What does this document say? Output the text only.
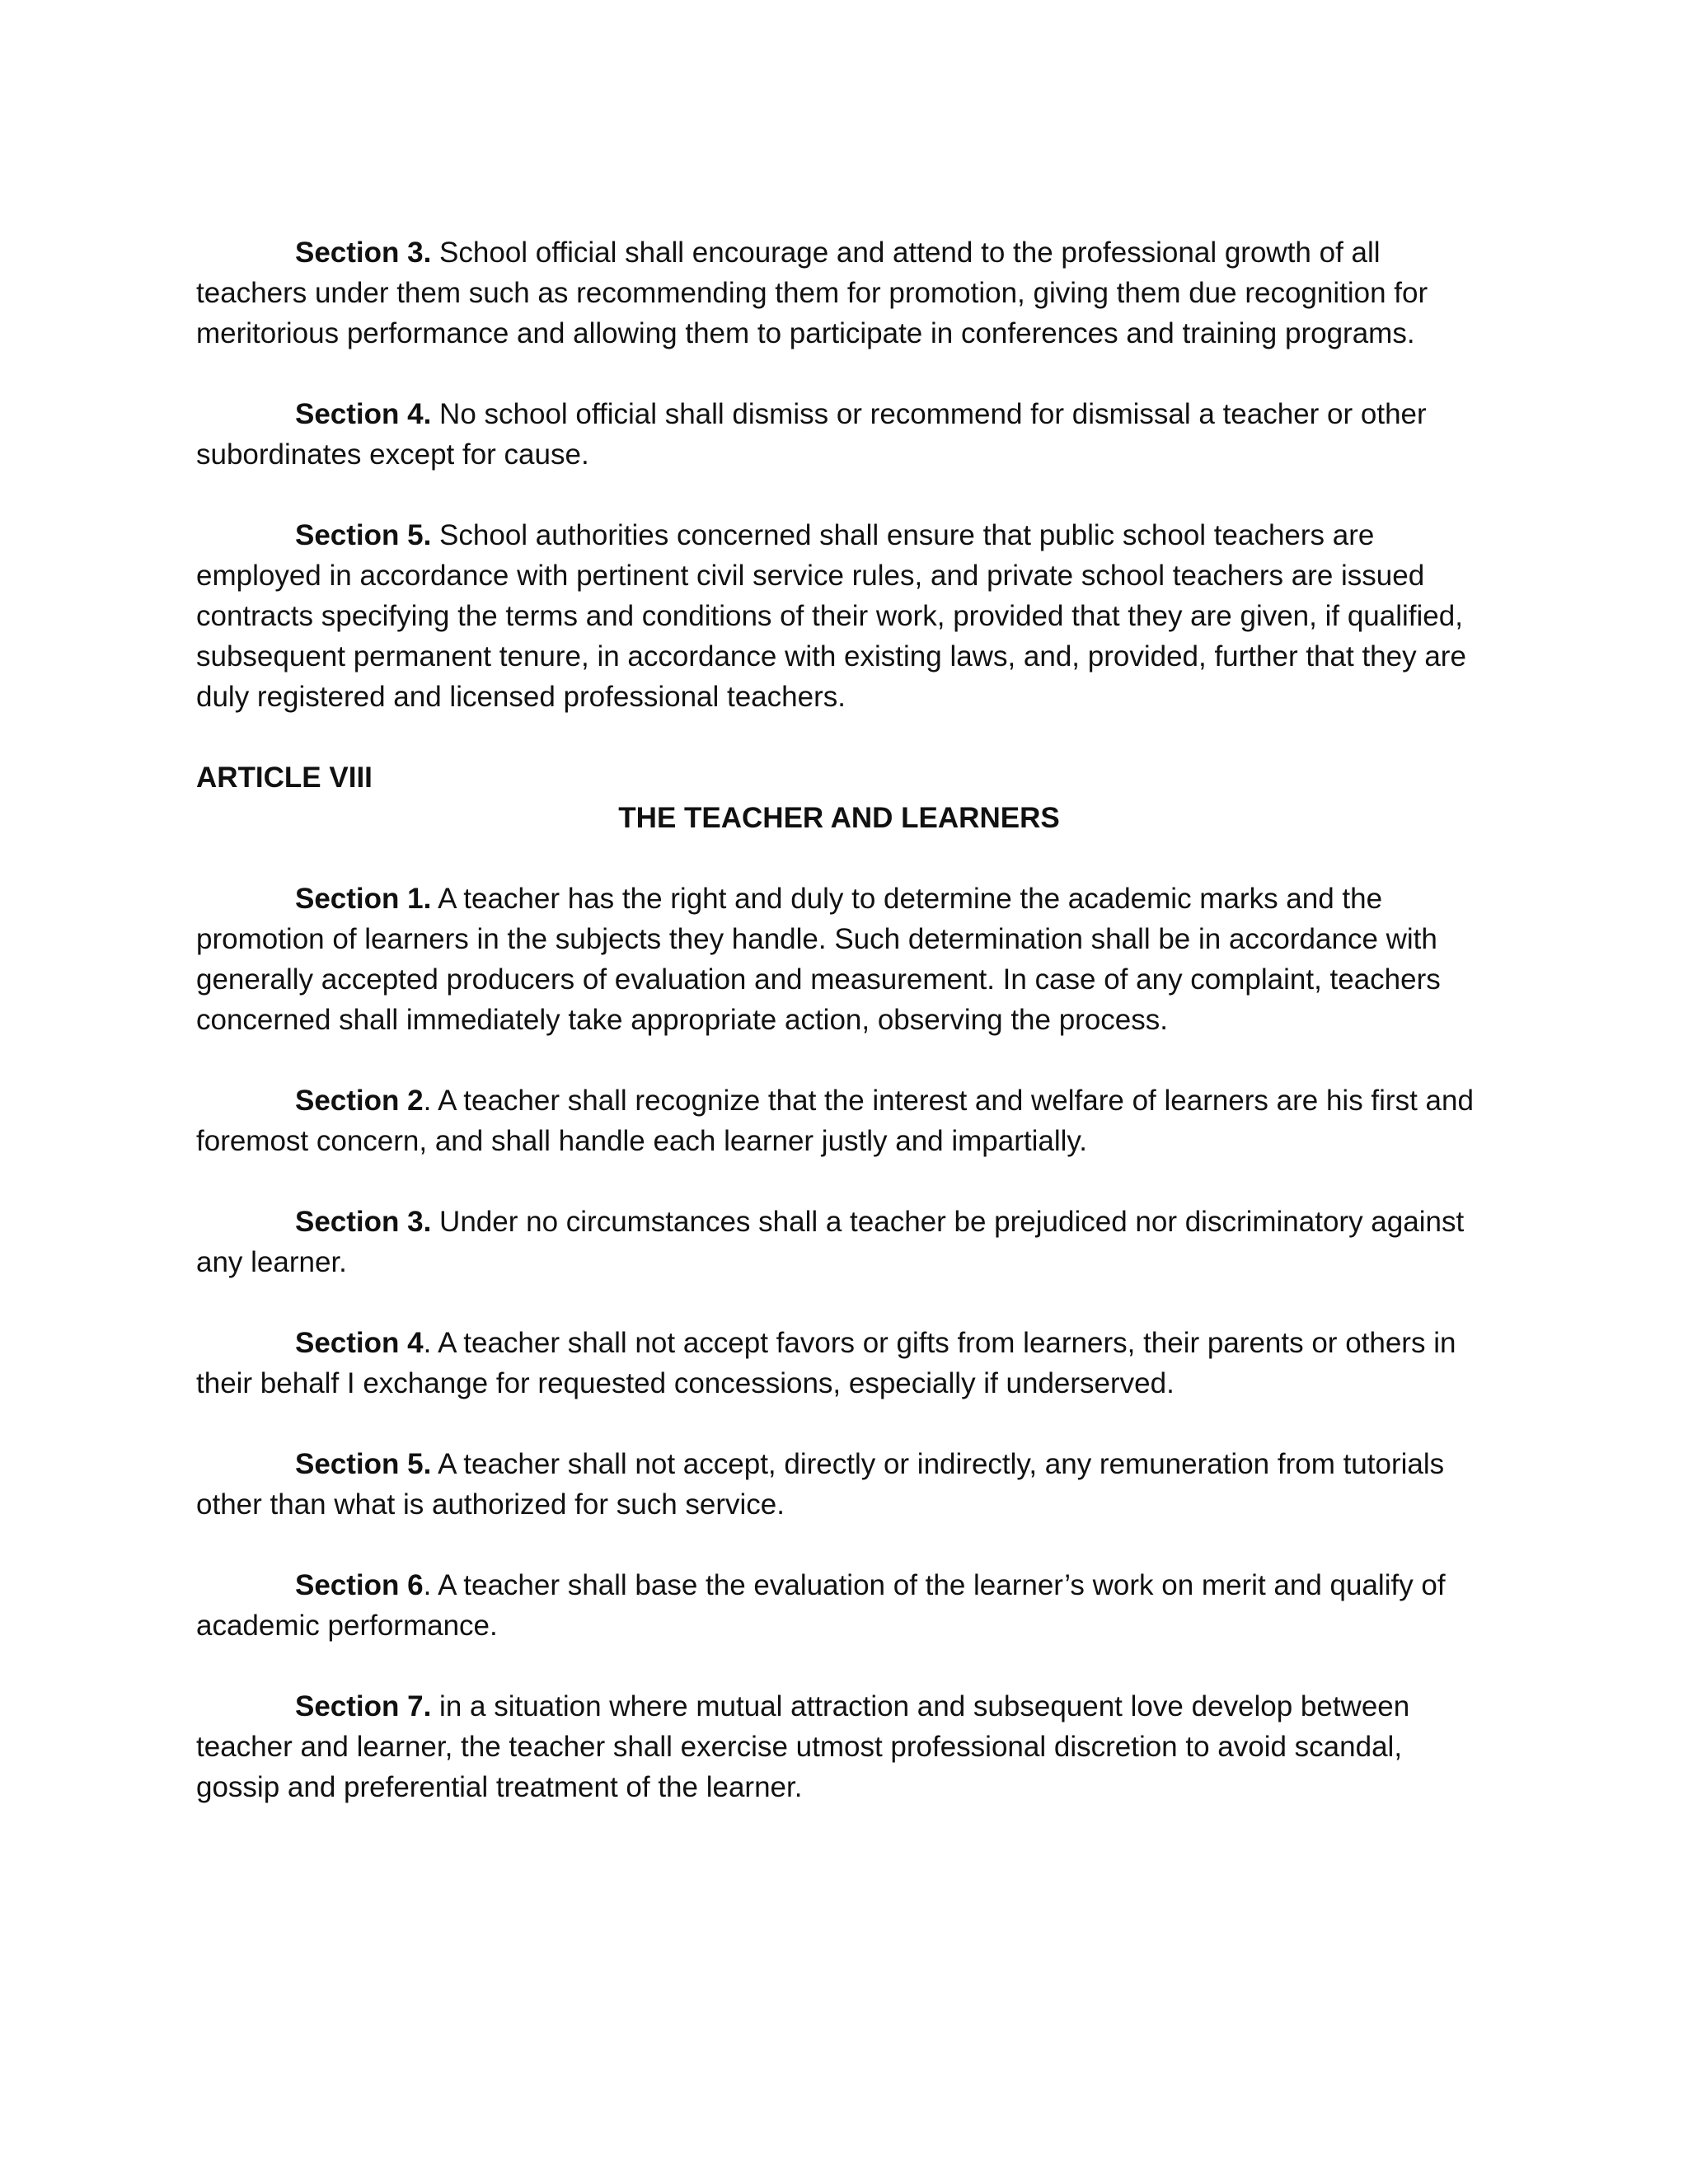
Section 3. School official shall encourage and attend to the professional growth of all teachers under them such as recommending them for promotion, giving them due recognition for meritorious performance and allowing them to participate in conferences and training programs.

Section 4. No school official shall dismiss or recommend for dismissal a teacher or other subordinates except for cause.

Section 5. School authorities concerned shall ensure that public school teachers are employed in accordance with pertinent civil service rules, and private school teachers are issued contracts specifying the terms and conditions of their work, provided that they are given, if qualified, subsequent permanent tenure, in accordance with existing laws, and, provided, further that they are duly registered and licensed professional teachers.

ARTICLE VIII

THE TEACHER AND LEARNERS

Section 1. A teacher has the right and duly to determine the academic marks and the promotion of learners in the subjects they handle. Such determination shall be in accordance with generally accepted producers of evaluation and measurement. In case of any complaint, teachers concerned shall immediately take appropriate action, observing the process.

Section 2. A teacher shall recognize that the interest and welfare of learners are his first and foremost concern, and shall handle each learner justly and impartially.

Section 3. Under no circumstances shall a teacher be prejudiced nor discriminatory against any learner.

Section 4. A teacher shall not accept favors or gifts from learners, their parents or others in their behalf I exchange for requested concessions, especially if underserved.

Section 5. A teacher shall not accept, directly or indirectly, any remuneration from tutorials other than what is authorized for such service.

Section 6. A teacher shall base the evaluation of the learner’s work on merit and qualify of academic performance.

Section 7. in a situation where mutual attraction and subsequent love develop between teacher and learner, the teacher shall exercise utmost professional discretion to avoid scandal, gossip and preferential treatment of the learner.
